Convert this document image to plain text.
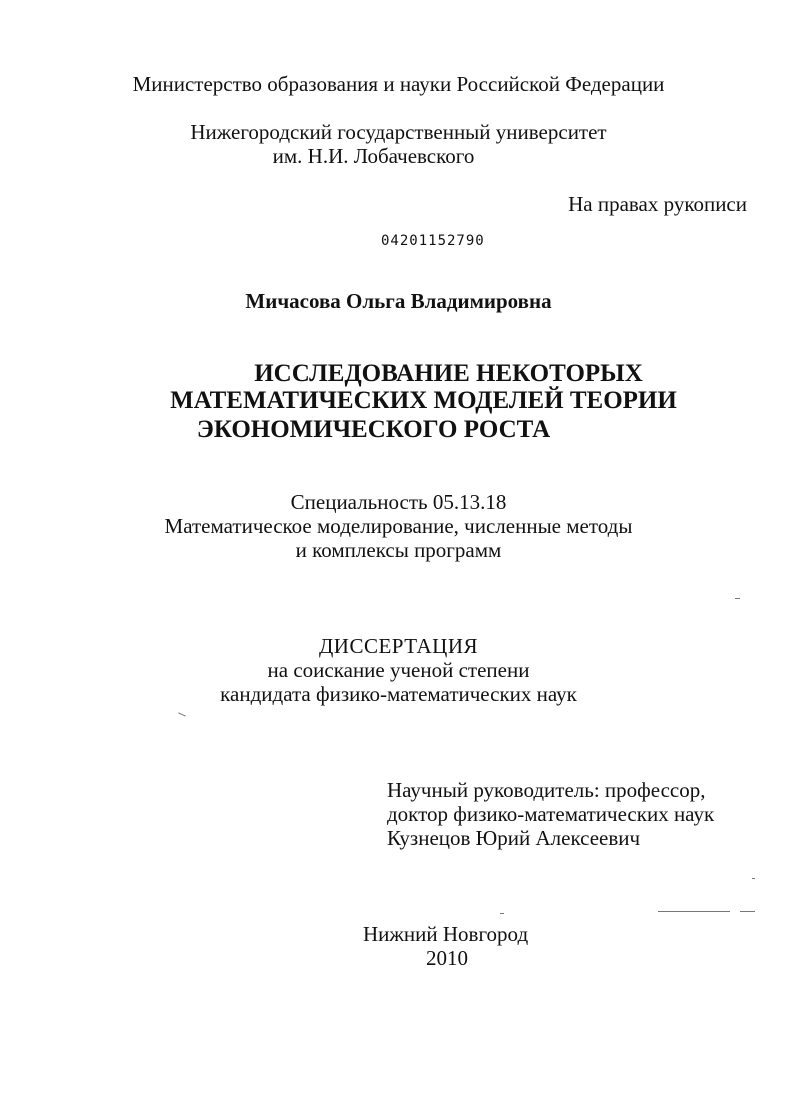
Министерство образования и науки Российской Федерации
Нижегородский государственный университет
им. Н.И. Лобачевского
На правах рукописи
04201152790
Мичасова Ольга Владимировна
ИССЛЕДОВАНИЕ НЕКОТОРЫХ
МАТЕМАТИЧЕСКИХ МОДЕЛЕЙ ТЕОРИИ
ЭКОНОМИЧЕСКОГО РОСТА
Специальность 05.13.18
Математическое моделирование, численные методы
и комплексы программ
ДИССЕРТАЦИЯ
на соискание ученой степени
кандидата физико-математических наук
Научный руководитель: профессор,
доктор физико-математических наук
Кузнецов Юрий Алексеевич
Нижний Новгород
2010
